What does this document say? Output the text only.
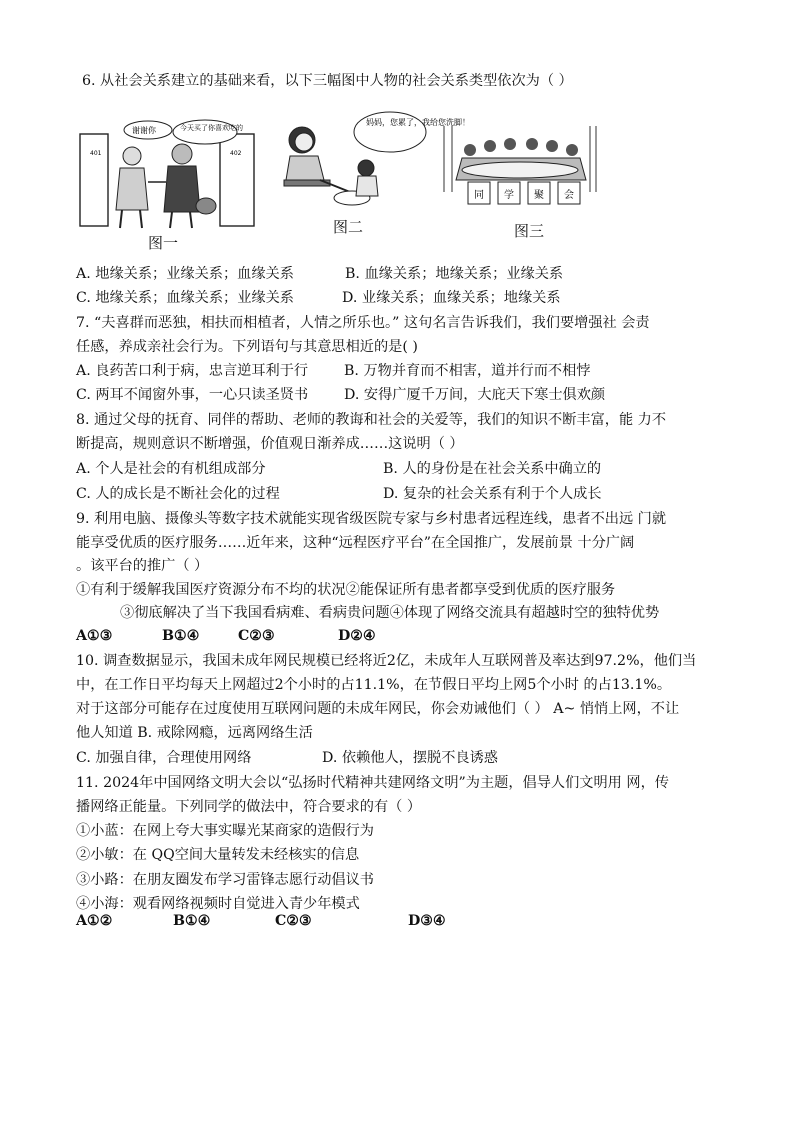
6. 从社会关系建立的基础来看，以下三幅图中人物的社会关系类型依次为（ ）
401	402
谢谢你	今天买了你喜欢吃的
图一
妈妈，您累了，我给您洗脚！
图二
同 学 聚 会
图三
A. 地缘关系；业缘关系；血缘关系	B. 血缘关系；地缘关系；业缘关系
C. 地缘关系；血缘关系；业缘关系	D. 业缘关系；血缘关系；地缘关系
7. “夫喜群而恶独，相扶而相植者，人情之所乐也。” 这句名言告诉我们，我们要增强社 会责
任感，养成亲社会行为。下列语句与其意思相近的是( )
A. 良药苦口利于病，忠言逆耳利于行	B. 万物并育而不相害，道并行而不相悖
C. 两耳不闻窗外事，一心只读圣贤书	D. 安得广厦千万间，大庇天下寒士俱欢颜
8. 通过父母的抚育、同伴的帮助、老师的教诲和社会的关爱等，我们的知识不断丰富，能 力不
断提高，规则意识不断增强，价值观日渐养成……这说明（ ）
A. 个人是社会的有机组成部分	B. 人的身份是在社会关系中确立的
C. 人的成长是不断社会化的过程	D. 复杂的社会关系有利于个人成长
9. 利用电脑、摄像头等数字技术就能实现省级医院专家与乡村患者远程连线，患者不出远 门就
能享受优质的医疗服务……近年来，这种“远程医疗平台”在全国推广，发展前景 十分广阔
。该平台的推广（ ）
①有利于缓解我国医疗资源分布不均的状况②能保证所有患者都享受到优质的医疗服务
③彻底解决了当下我国看病难、看病贵问题④体现了网络交流具有超越时空的独特优势
A①③	B①④	C②③	D②④
10. 调查数据显示，我国未成年网民规模已经将近2亿，未成年人互联网普及率达到97.2%，他们当
中，在工作日平均每天上网超过2个小时的占11.1%，在节假日平均上网5个小时 的占13.1%。
对于这部分可能存在过度使用互联网问题的未成年网民，你会劝诫他们（ ） A~ 悄悄上网，不让
他人知道 B. 戒除网瘾，远离网络生活
C. 加强自律，合理使用网络	D. 依赖他人，摆脱不良诱惑
11. 2024年中国网络文明大会以“弘扬时代精神共建网络文明”为主题，倡导人们文明用 网，传
播网络正能量。下列同学的做法中，符合要求的有（ ）
①小蓝：在网上夸大事实曝光某商家的造假行为
②小敏：在 QQ空间大量转发未经核实的信息
③小路：在朋友圈发布学习雷锋志愿行动倡议书
④小海：观看网络视频时自觉进入青少年模式
A①②	B①④	C②③	D③④
